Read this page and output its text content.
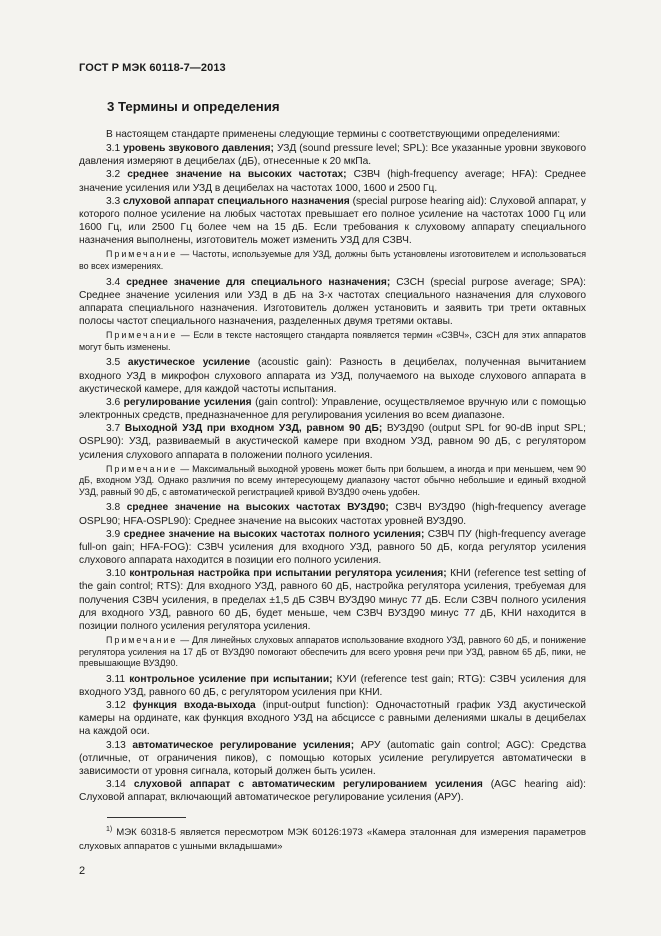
ГОСТ Р МЭК 60118-7—2013
3 Термины и определения

В настоящем стандарте применены следующие термины с соответствующими определениями:

3.1 уровень звукового давления; УЗД (sound pressure level; SPL): Все указанные уровни звукового давления измеряют в децибелах (дБ), отнесенные к 20 мкПа.

3.2 среднее значение на высоких частотах; СЗВЧ (high-frequency average; HFA): Среднее значение усиления или УЗД в децибелах на частотах 1000, 1600 и 2500 Гц.

3.3 слуховой аппарат специального назначения (special purpose hearing aid): Слуховой аппарат, у которого полное усиление на любых частотах превышает его полное усиление на частотах 1000 Гц или 1600 Гц, или 2500 Гц более чем на 15 дБ. Если требования к слуховому аппарату специального назначения выполнены, изготовитель может изменить УЗД для СЗВЧ.

Примечание — Частоты, используемые для УЗД, должны быть установлены изготовителем и использоваться во всех измерениях.

3.4 среднее значение для специального назначения; СЗСН (special purpose average; SPA): Среднее значение усиления или УЗД в дБ на 3-х частотах специального назначения для слухового аппарата специального назначения. Изготовитель должен установить и заявить три трети октавных полосы частот специального назначения, разделенных двумя третями октавы.

Примечание — Если в тексте настоящего стандарта появляется термин «СЗВЧ», СЗСН для этих аппаратов могут быть изменены.

3.5 акустическое усиление (acoustic gain): Разность в децибелах, полученная вычитанием входного УЗД в микрофон слухового аппарата из УЗД, получаемого на выходе слухового аппарата в акустической камере, для каждой частоты испытания.

3.6 регулирование усиления (gain control): Управление, осуществляемое вручную или с помощью электронных средств, предназначенное для регулирования усиления во всем диапазоне.

3.7 Выходной УЗД при входном УЗД, равном 90 дБ; ВУЗД90 (output SPL for 90-dB input SPL; OSPL90): УЗД, развиваемый в акустической камере при входном УЗД, равном 90 дБ, с регулятором усиления слухового аппарата в положении полного усиления.

Примечание — Максимальный выходной уровень может быть при большем, а иногда и при меньшем, чем 90 дБ, входном УЗД. Однако различия по всему интересующему диапазону частот обычно небольшие и единый входной УЗД, равный 90 дБ, с автоматической регистрацией кривой ВУЗД90 очень удобен.

3.8 среднее значение на высоких частотах ВУЗД90; СЗВЧ ВУЗД90 (high-frequency average OSPL90; HFA-OSPL90): Среднее значение на высоких частотах уровней ВУЗД90.

3.9 среднее значение на высоких частотах полного усиления; СЗВЧ ПУ (high-frequency average full-on gain; HFA-FOG): СЗВЧ усиления для входного УЗД, равного 50 дБ, когда регулятор усиления слухового аппарата находится в позиции его полного усиления.

3.10 контрольная настройка при испытании регулятора усиления; КНИ (reference test setting of the gain control; RTS): Для входного УЗД, равного 60 дБ, настройка регулятора усиления, требуемая для получения СЗВЧ усиления, в пределах ±1,5 дБ СЗВЧ ВУЗД90 минус 77 дБ. Если СЗВЧ полного усиления для входного УЗД, равного 60 дБ, будет меньше, чем СЗВЧ ВУЗД90 минус 77 дБ, КНИ находится в позиции полного усиления регулятора усиления.

Примечание — Для линейных слуховых аппаратов использование входного УЗД, равного 60 дБ, и понижение регулятора усиления на 17 дБ от ВУЗД90 помогают обеспечить для всего уровня речи при УЗД, равном 65 дБ, пики, не превышающие ВУЗД90.

3.11 контрольное усиление при испытании; КУИ (reference test gain; RTG): СЗВЧ усиления для входного УЗД, равного 60 дБ, с регулятором усиления при КНИ.

3.12 функция входа-выхода (input-output function): Одночастотный график УЗД акустической камеры на ординате, как функция входного УЗД на абсциссе с равными делениями шкалы в децибелах на каждой оси.

3.13 автоматическое регулирование усиления; АРУ (automatic gain control; AGC): Средства (отличные, от ограничения пиков), с помощью которых усиление регулируется автоматически в зависимости от уровня сигнала, который должен быть усилен.

3.14 слуховой аппарат с автоматическим регулированием усиления (AGC hearing aid): Слуховой аппарат, включающий автоматическое регулирование усиления (АРУ).

$^{1)}$ МЭК 60318-5 является пересмотром МЭК 60126:1973 «Камера эталонная для измерения параметров слуховых аппаратов с ушными вкладышами»
2
